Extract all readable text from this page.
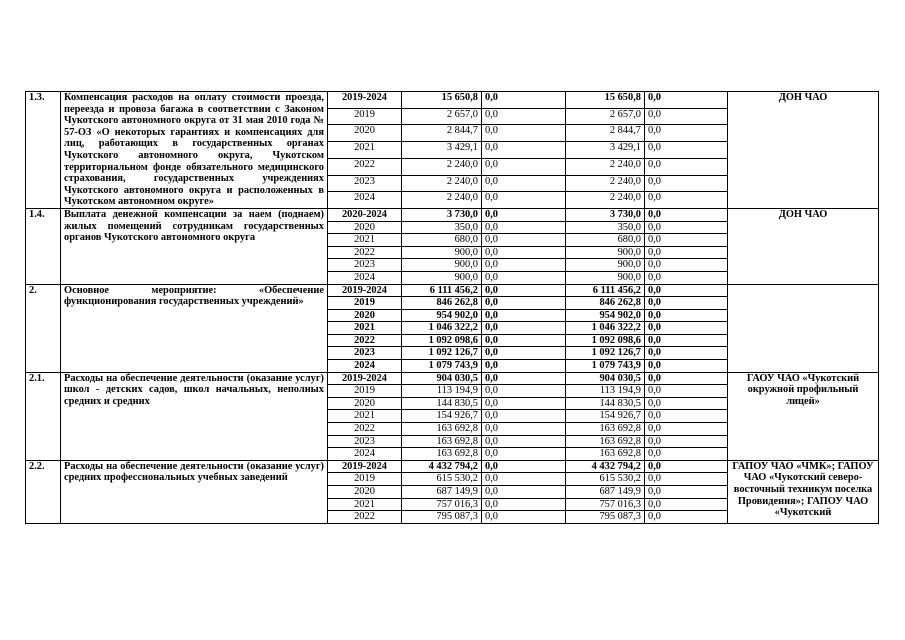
1.3.	Компенсация расходов на оплату стоимости проезда, переезда и провоза багажа в соответствии с Законом Чукотского автономного округа от 31 мая 2010 года № 57-ОЗ «О некоторых гарантиях и компенсациях для лиц, работающих в государственных органах Чукотского автономного округа, Чукотском территориальном фонде обязательного медицинского страхования, государственных учреждениях Чукотского автономного округа и расположенных в Чукотском автономном округе»	2019-2024	15 650,8	0,0	15 650,8	0,0	ДОН ЧАО
		2019	2 657,0	0,0	2 657,0	0,0	
		2020	2 844,7	0,0	2 844,7	0,0	
		2021	3 429,1	0,0	3 429,1	0,0	
		2022	2 240,0	0,0	2 240,0	0,0	
		2023	2 240,0	0,0	2 240,0	0,0	
		2024	2 240,0	0,0	2 240,0	0,0	
1.4.	Выплата денежной компенсации за наем (поднаем) жилых помещений сотрудникам государственных органов Чукотского автономного округа	2020-2024	3 730,0	0,0	3 730,0	0,0	ДОН ЧАО
		2020	350,0	0,0	350,0	0,0	
		2021	680,0	0,0	680,0	0,0	
		2022	900,0	0,0	900,0	0,0	
		2023	900,0	0,0	900,0	0,0	
		2024	900,0	0,0	900,0	0,0	
2.	Основное мероприятие: «Обеспечение функционирования государственных учреждений»	2019-2024	6 111 456,2	0,0	6 111 456,2	0,0	
		2019	846 262,8	0,0	846 262,8	0,0	
		2020	954 902,0	0,0	954 902,0	0,0	
		2021	1 046 322,2	0,0	1 046 322,2	0,0	
		2022	1 092 098,6	0,0	1 092 098,6	0,0	
		2023	1 092 126,7	0,0	1 092 126,7	0,0	
		2024	1 079 743,9	0,0	1 079 743,9	0,0	
2.1.	Расходы на обеспечение деятельности (оказание услуг) школ - детских садов, школ начальных, неполных средних и средних	2019-2024	904 030,5	0,0	904 030,5	0,0	ГАОУ ЧАО «Чукотский окружной профильный лицей»
		2019	113 194,9	0,0	113 194,9	0,0	
		2020	144 830,5	0,0	144 830,5	0,0	
		2021	154 926,7	0,0	154 926,7	0,0	
		2022	163 692,8	0,0	163 692,8	0,0	
		2023	163 692,8	0,0	163 692,8	0,0	
		2024	163 692,8	0,0	163 692,8	0,0	
2.2.	Расходы на обеспечение деятельности (оказание услуг) средних профессиональных учебных заведений	2019-2024	4 432 794,2	0,0	4 432 794,2	0,0	ГАПОУ ЧАО «ЧМК»; ГАПОУ ЧАО «Чукотский северо-восточный техникум поселка Провидения»; ГАПОУ ЧАО «Чукотский
		2019	615 530,2	0,0	615 530,2	0,0	
		2020	687 149,9	0,0	687 149,9	0,0	
		2021	757 016,3	0,0	757 016,3	0,0	
		2022	795 087,3	0,0	795 087,3	0,0	
